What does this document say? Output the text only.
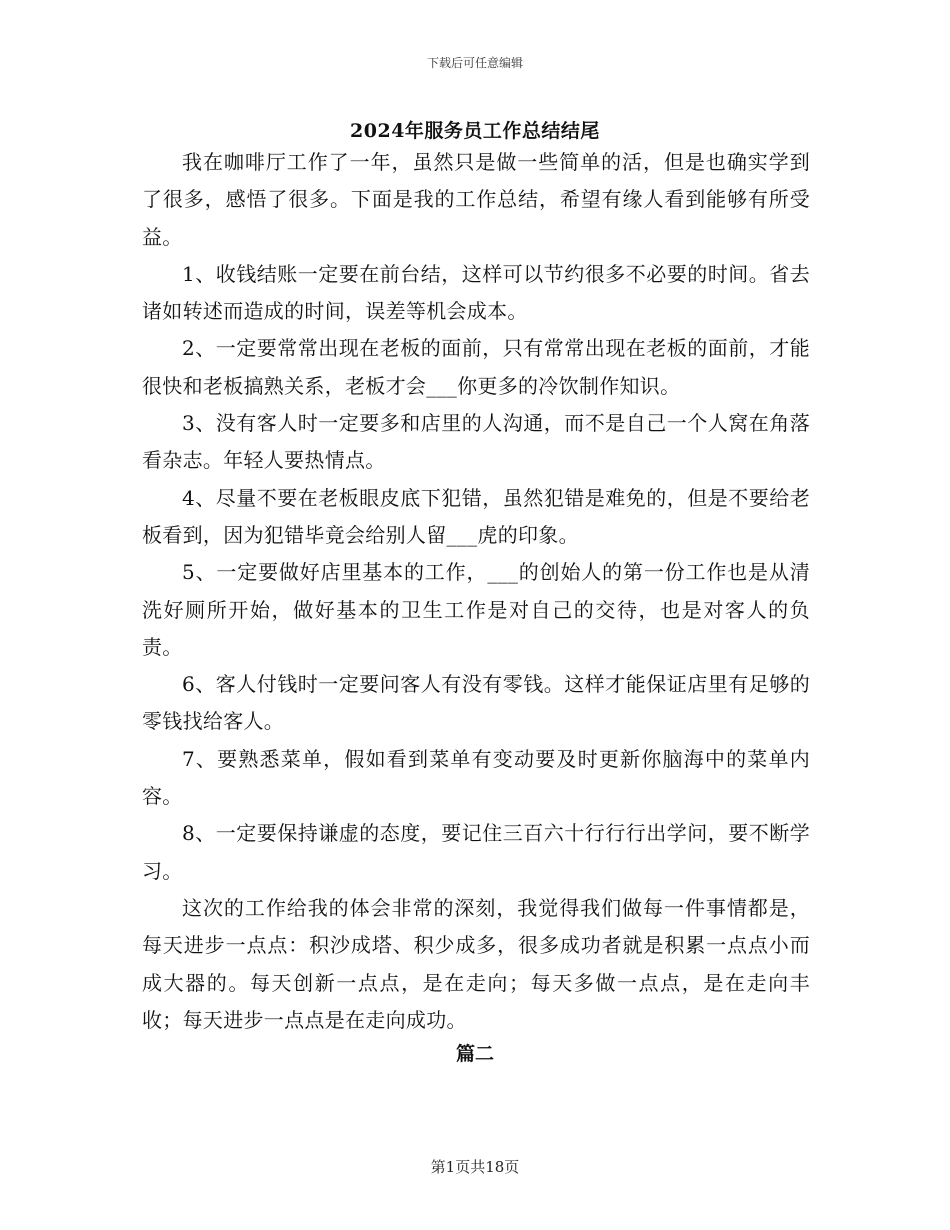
下载后可任意编辑
2024年服务员工作总结结尾

我在咖啡厅工作了一年，虽然只是做一些简单的活，但是也确实学到了很多，感悟了很多。下面是我的工作总结，希望有缘人看到能够有所受益。

1、收钱结账一定要在前台结，这样可以节约很多不必要的时间。省去诸如转述而造成的时间，误差等机会成本。

2、一定要常常出现在老板的面前，只有常常出现在老板的面前，才能很快和老板搞熟关系，老板才会___你更多的冷饮制作知识。

3、没有客人时一定要多和店里的人沟通，而不是自己一个人窝在角落看杂志。年轻人要热情点。

4、尽量不要在老板眼皮底下犯错，虽然犯错是难免的，但是不要给老板看到，因为犯错毕竟会给别人留___虎的印象。

5、一定要做好店里基本的工作，___的创始人的第一份工作也是从清洗好厕所开始，做好基本的卫生工作是对自己的交待，也是对客人的负责。

6、客人付钱时一定要问客人有没有零钱。这样才能保证店里有足够的零钱找给客人。

7、要熟悉菜单，假如看到菜单有变动要及时更新你脑海中的菜单内容。

8、一定要保持谦虚的态度，要记住三百六十行行行出学问，要不断学习。

这次的工作给我的体会非常的深刻，我觉得我们做每一件事情都是，每天进步一点点：积沙成塔、积少成多，很多成功者就是积累一点点小而成大器的。每天创新一点点，是在走向；每天多做一点点，是在走向丰收；每天进步一点点是在走向成功。

篇二
第1页共18页
